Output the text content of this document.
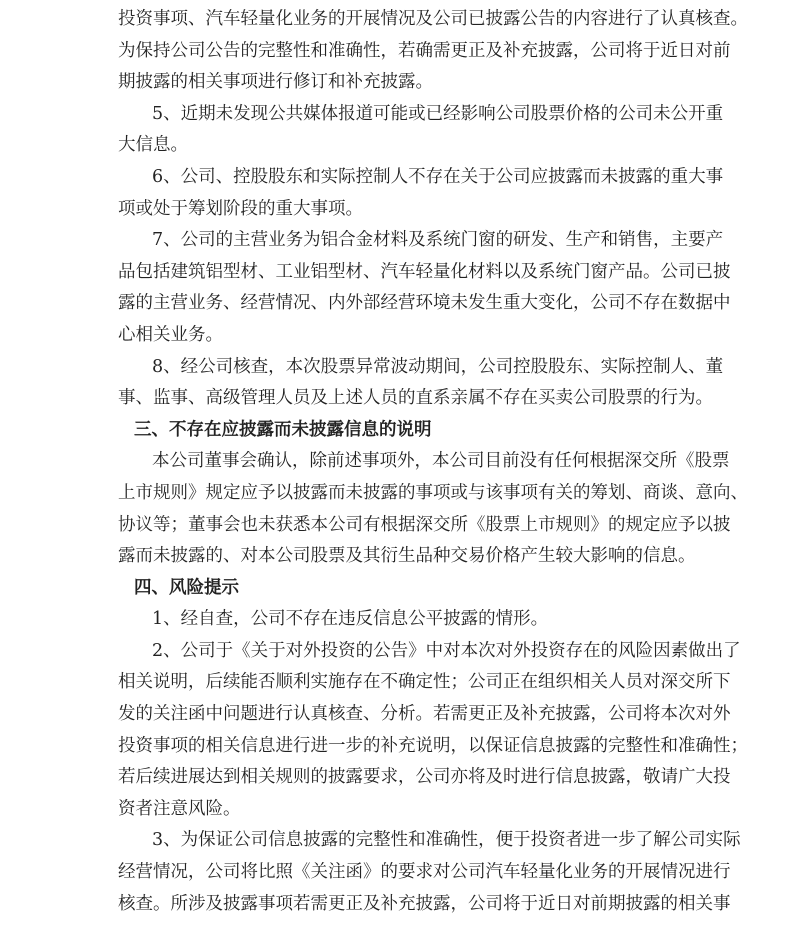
投资事项、汽车轻量化业务的开展情况及公司已披露公告的内容进行了认真核查。
为保持公司公告的完整性和准确性，若确需更正及补充披露，公司将于近日对前
期披露的相关事项进行修订和补充披露。
5、近期未发现公共媒体报道可能或已经影响公司股票价格的公司未公开重
大信息。
6、公司、控股股东和实际控制人不存在关于公司应披露而未披露的重大事
项或处于筹划阶段的重大事项。
7、公司的主营业务为铝合金材料及系统门窗的研发、生产和销售，主要产
品包括建筑铝型材、工业铝型材、汽车轻量化材料以及系统门窗产品。公司已披
露的主营业务、经营情况、内外部经营环境未发生重大变化，公司不存在数据中
心相关业务。
8、经公司核查，本次股票异常波动期间，公司控股股东、实际控制人、董
事、监事、高级管理人员及上述人员的直系亲属不存在买卖公司股票的行为。
三、不存在应披露而未披露信息的说明
本公司董事会确认，除前述事项外，本公司目前没有任何根据深交所《股票
上市规则》规定应予以披露而未披露的事项或与该事项有关的筹划、商谈、意向、
协议等；董事会也未获悉本公司有根据深交所《股票上市规则》的规定应予以披
露而未披露的、对本公司股票及其衍生品种交易价格产生较大影响的信息。
四、风险提示
1、经自查，公司不存在违反信息公平披露的情形。
2、公司于《关于对外投资的公告》中对本次对外投资存在的风险因素做出了
相关说明，后续能否顺利实施存在不确定性；公司正在组织相关人员对深交所下
发的关注函中问题进行认真核查、分析。若需更正及补充披露，公司将本次对外
投资事项的相关信息进行进一步的补充说明，以保证信息披露的完整性和准确性；
若后续进展达到相关规则的披露要求，公司亦将及时进行信息披露，敬请广大投
资者注意风险。
3、为保证公司信息披露的完整性和准确性，便于投资者进一步了解公司实际
经营情况，公司将比照《关注函》的要求对公司汽车轻量化业务的开展情况进行
核查。所涉及披露事项若需更正及补充披露，公司将于近日对前期披露的相关事
